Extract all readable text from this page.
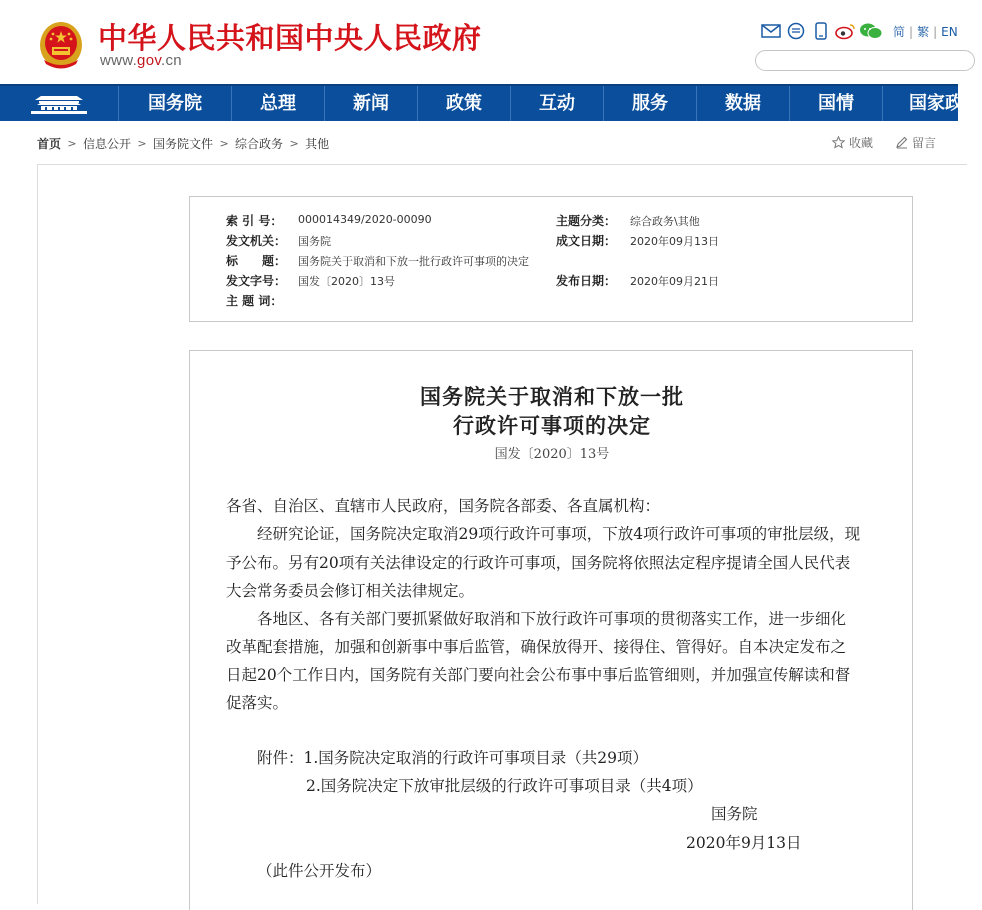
中华人民共和国中央人民政府
www.gov.cn
简 | 繁 | EN
国务院	总理	新闻	政策	互动	服务	数据	国情	国家政务
首页 > 信息公开 > 国务院文件 > 综合政务 > 其他	收藏	留言
索 引 号： 000014349/2020-00090	主题分类： 综合政务\其他
发文机关： 国务院	成文日期： 2020年09月13日
标　　题： 国务院关于取消和下放一批行政许可事项的决定
发文字号： 国发〔2020〕13号	发布日期： 2020年09月21日
主 题 词：
国务院关于取消和下放一批
行政许可事项的决定
国发〔2020〕13号
各省、自治区、直辖市人民政府，国务院各部委、各直属机构：
经研究论证，国务院决定取消29项行政许可事项，下放4项行政许可事项的审批层级，现
予公布。另有20项有关法律设定的行政许可事项，国务院将依照法定程序提请全国人民代表
大会常务委员会修订相关法律规定。
各地区、各有关部门要抓紧做好取消和下放行政许可事项的贯彻落实工作，进一步细化
改革配套措施，加强和创新事中事后监管，确保放得开、接得住、管得好。自本决定发布之
日起20个工作日内，国务院有关部门要向社会公布事中事后监管细则，并加强宣传解读和督
促落实。
附件：1.国务院决定取消的行政许可事项目录（共29项）
2.国务院决定下放审批层级的行政许可事项目录（共4项）
国务院
2020年9月13日
（此件公开发布）
